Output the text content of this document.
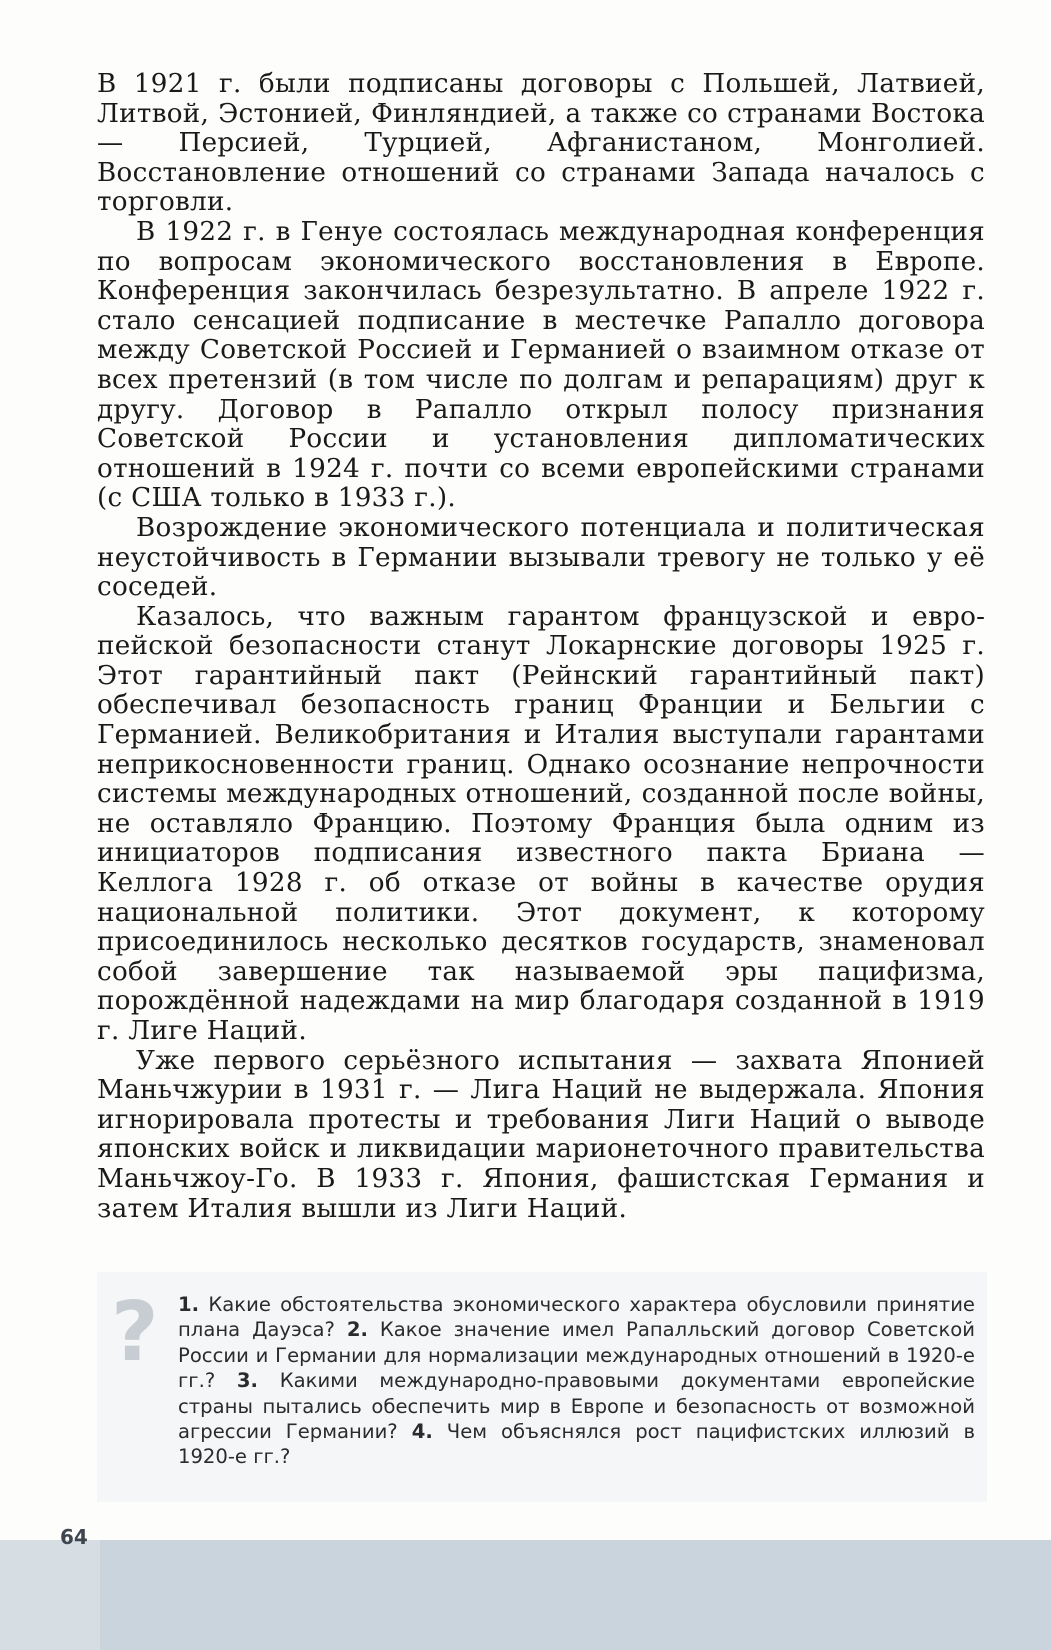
В 1921 г. были подписаны договоры с Польшей, Латвией, Литвой, Эстонией, Финляндией, а также со странами Востока — Персией, Турцией, Афганистаном, Монголией. Восстановление отношений со странами Запада началось с торговли.

В 1922 г. в Генуе состоялась международная конференция по вопросам экономического восстановления в Европе. Конференция закончилась безрезультатно. В апреле 1922 г. стало сенсацией подписание в местечке Рапалло договора между Советской Россией и Германией о взаимном отказе от всех претензий (в том числе по долгам и репарациям) друг к другу. Договор в Рапалло открыл полосу признания Советской России и установления дипломатических отношений в 1924 г. почти со всеми европейскими странами (с США только в 1933 г.).

Возрождение экономического потенциала и политическая неустойчивость в Германии вызывали тревогу не только у её соседей.

Казалось, что важным гарантом французской и европейской безопасности станут Локарнские договоры 1925 г. Этот гарантийный пакт (Рейнский гарантийный пакт) обеспечивал безопасность границ Франции и Бельгии с Германией. Великобритания и Италия выступали гарантами неприкосновенности границ. Однако осознание непрочности системы международных отношений, созданной после войны, не оставляло Францию. Поэтому Франция была одним из инициаторов подписания известного пакта Бриана — Келлога 1928 г. об отказе от войны в качестве орудия национальной политики. Этот документ, к которому присоединилось несколько десятков государств, знаменовал собой завершение так называемой эры пацифизма, порождённой надеждами на мир благодаря созданной в 1919 г. Лиге Наций.

Уже первого серьёзного испытания — захвата Японией Маньчжурии в 1931 г. — Лига Наций не выдержала. Япония игнорировала протесты и требования Лиги Наций о выводе японских войск и ликвидации марионеточного правительства Маньчжоу-Го. В 1933 г. Япония, фашистская Германия и затем Италия вышли из Лиги Наций.

? 1. Какие обстоятельства экономического характера обусловили принятие плана Дауэса? 2. Какое значение имел Рапалльский договор Советской России и Германии для нормализации международных отношений в 1920-е гг.? 3. Какими международно-правовыми документами европейские страны пытались обеспечить мир в Европе и безопасность от возможной агрессии Германии? 4. Чем объяснялся рост пацифистских иллюзий в 1920-е гг.?
64
